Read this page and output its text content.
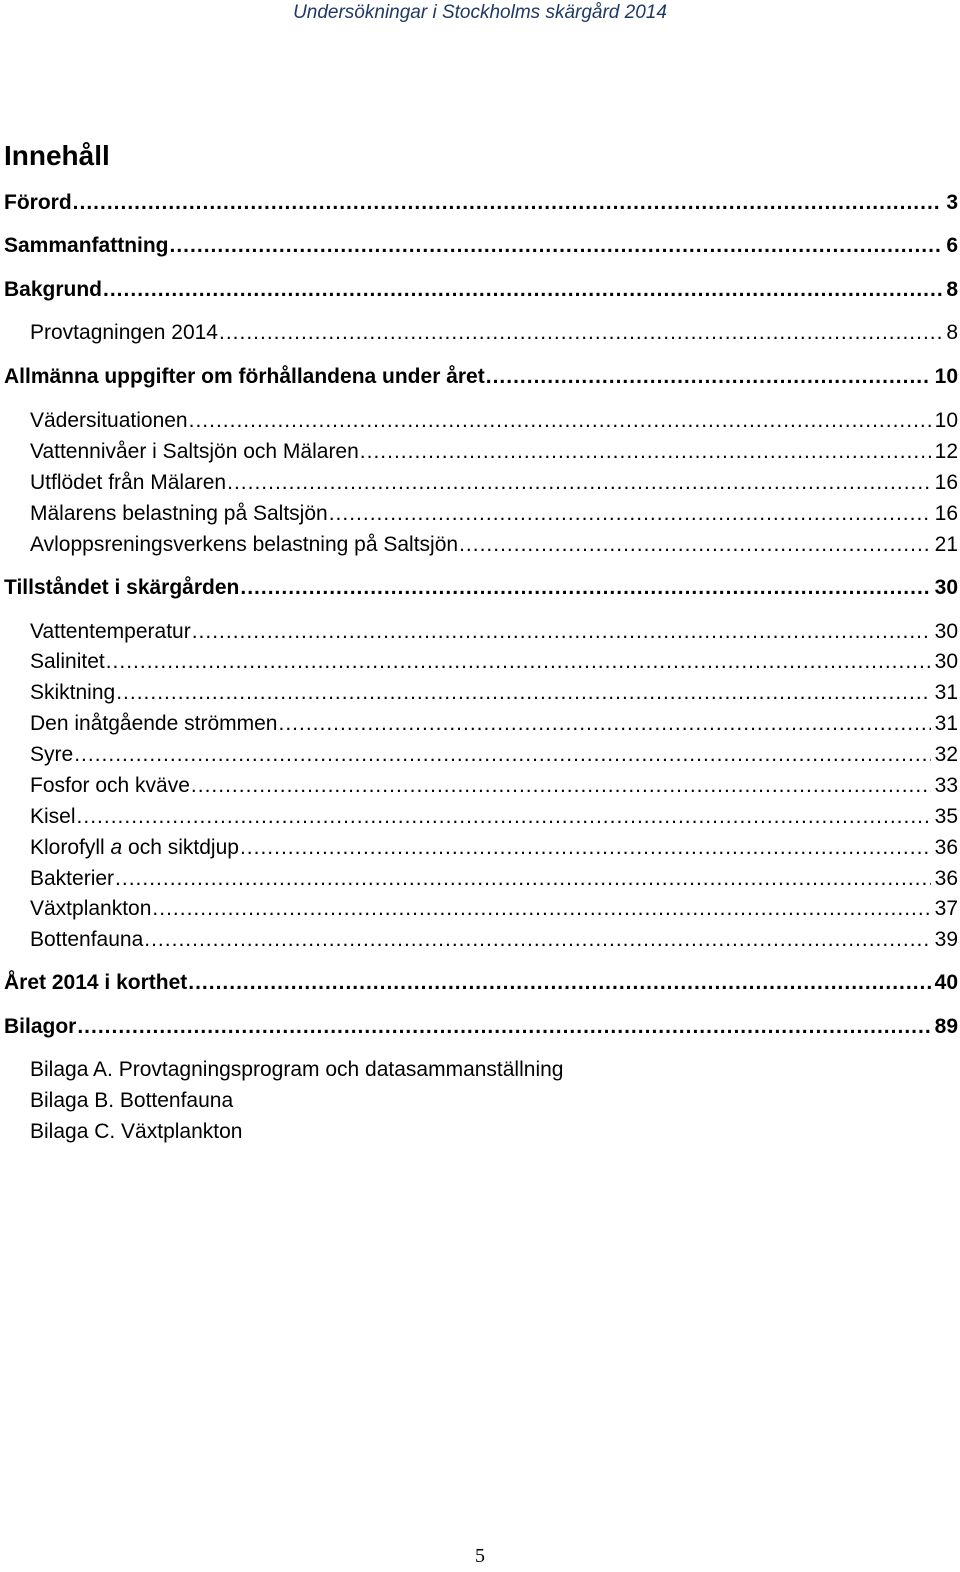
Undersökningar i Stockholms skärgård 2014
Innehåll
Förord .....	3
Sammanfattning .....	6
Bakgrund .....	8
Provtagningen 2014 .....	8
Allmänna uppgifter om förhållandena under året .....	10
Vädersituationen .....	10
Vattennivåer i Saltsjön och Mälaren .....	12
Utflödet från Mälaren .....	16
Mälarens belastning på Saltsjön .....	16
Avloppsreningsverkens belastning på Saltsjön .....	21
Tillståndet i skärgården .....	30
Vattentemperatur .....	30
Salinitet .....	30
Skiktning .....	31
Den inåtgående strömmen .....	31
Syre .....	32
Fosfor och kväve .....	33
Kisel .....	35
Klorofyll a och siktdjup .....	36
Bakterier .....	36
Växtplankton .....	37
Bottenfauna .....	39
Året 2014 i korthet .....	40
Bilagor .....	89
Bilaga A. Provtagningsprogram och datasammanställning
Bilaga B. Bottenfauna
Bilaga C. Växtplankton
5
